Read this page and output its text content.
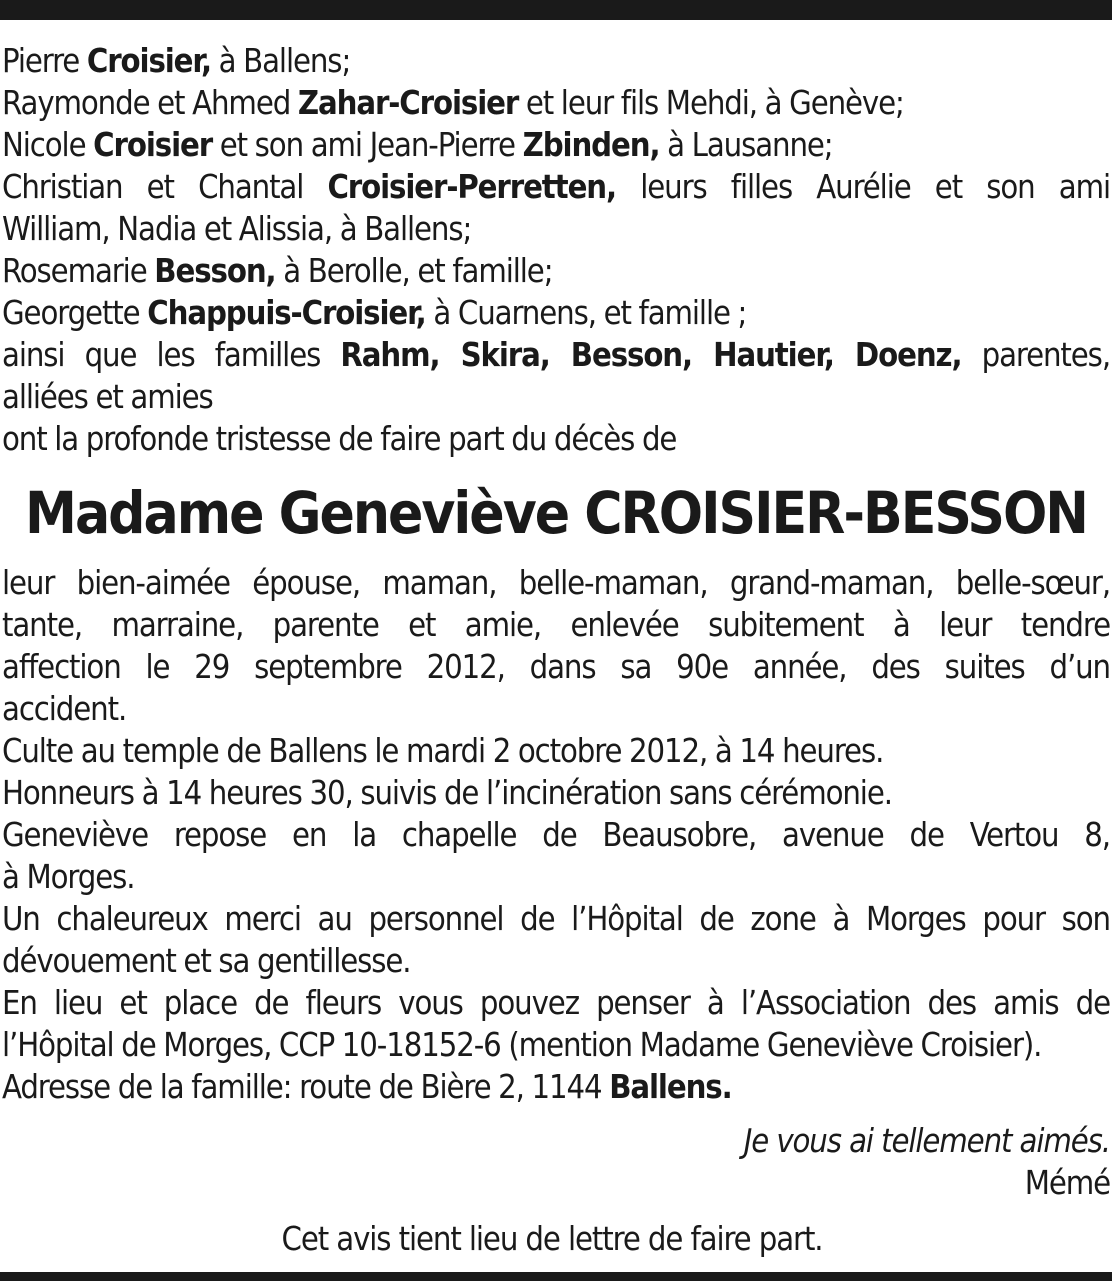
Pierre Croisier, à Ballens;
Raymonde et Ahmed Zahar-Croisier et leur fils Mehdi, à Genève;
Nicole Croisier et son ami Jean-Pierre Zbinden, à Lausanne;
Christian et Chantal Croisier-Perretten, leurs filles Aurélie et son ami
William, Nadia et Alissia, à Ballens;
Rosemarie Besson, à Berolle, et famille;
Georgette Chappuis-Croisier, à Cuarnens, et famille ;
ainsi que les familles Rahm, Skira, Besson, Hautier, Doenz, parentes,
alliées et amies
ont la profonde tristesse de faire part du décès de
Madame Geneviève CROISIER-BESSON
leur bien-aimée épouse, maman, belle-maman, grand-maman, belle-sœur,
tante, marraine, parente et amie, enlevée subitement à leur tendre
affection le 29 septembre 2012, dans sa 90e année, des suites d’un
accident.
Culte au temple de Ballens le mardi 2 octobre 2012, à 14 heures.
Honneurs à 14 heures 30, suivis de l’incinération sans cérémonie.
Geneviève repose en la chapelle de Beausobre, avenue de Vertou 8,
à Morges.
Un chaleureux merci au personnel de l’Hôpital de zone à Morges pour son
dévouement et sa gentillesse.
En lieu et place de fleurs vous pouvez penser à l’Association des amis de
l’Hôpital de Morges, CCP 10-18152-6 (mention Madame Geneviève Croisier).
Adresse de la famille: route de Bière 2, 1144 Ballens.
Je vous ai tellement aimés.
Mémé
Cet avis tient lieu de lettre de faire part.
